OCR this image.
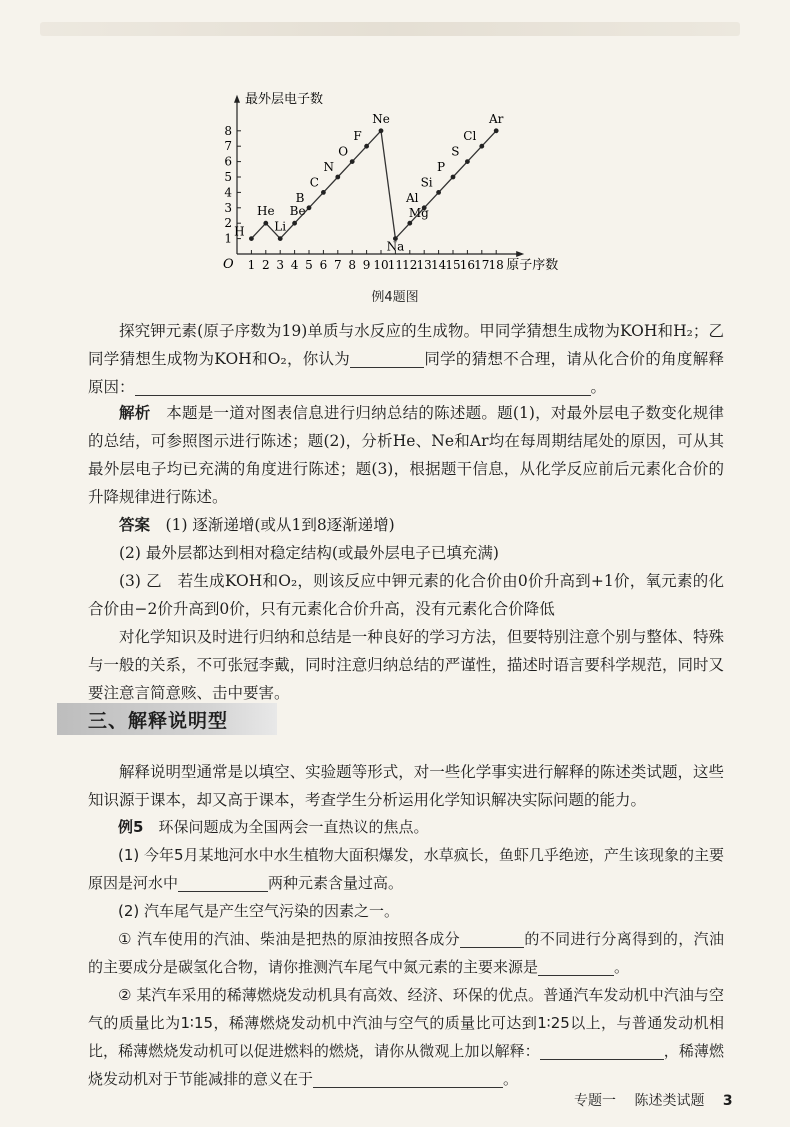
最外层电子数
原子序数
O
1
2
3
4
5
6
7
8
1 2 3 4 5 6 7 8 9 10 11 12 13 14 15 16 17 18
H
He
Li
Be
B
C
N
O
F
Ne
Na
Mg
Al
Si
P
S
Cl
Ar
例4题图

探究钾元素(原子序数为19)单质与水反应的生成物。甲同学猜想生成物为KOH和H₂；乙同学猜想生成物为KOH和O₂，你认为	同学的猜想不合理，请从化合价的角度解释原因：	。

解析　 本题是一道对图表信息进行归纳总结的陈述题。题(1)，对最外层电子数变化规律的总结，可参照图示进行陈述；题(2)，分析He、Ne和Ar均在每周期结尾处的原因，可从其最外层电子均已充满的角度进行陈述；题(3)，根据题干信息，从化学反应前后元素化合价的升降规律进行陈述。

答案　 (1) 逐渐递增(或从1到8逐渐递增)

(2) 最外层都达到相对稳定结构(或最外层电子已填充满)

(3) 乙　若生成KOH和O₂，则该反应中钾元素的化合价由0价升高到+1价，氧元素的化合价由−2价升高到0价，只有元素化合价升高，没有元素化合价降低

对化学知识及时进行归纳和总结是一种良好的学习方法，但要特别注意个别与整体、特殊与一般的关系，不可张冠李戴，同时注意归纳总结的严谨性，描述时语言要科学规范，同时又要注意言简意赅、击中要害。

三、解释说明型

解释说明型通常是以填空、实验题等形式，对一些化学事实进行解释的陈述类试题，这些知识源于课本，却又高于课本，考查学生分析运用化学知识解决实际问题的能力。

例5　 环保问题成为全国两会一直热议的焦点。

(1) 今年5月某地河水中水生植物大面积爆发，水草疯长，鱼虾几乎绝迹，产生该现象的主要原因是河水中	两种元素含量过高。

(2) 汽车尾气是产生空气污染的因素之一。

① 汽车使用的汽油、柴油是把热的原油按照各成分	的不同进行分离得到的，汽油的主要成分是碳氢化合物，请你推测汽车尾气中氮元素的主要来源是	。

② 某汽车采用的稀薄燃烧发动机具有高效、经济、环保的优点。普通汽车发动机中汽油与空气的质量比为1∶15，稀薄燃烧发动机中汽油与空气的质量比可达到1∶25以上，与普通发动机相比，稀薄燃烧发动机可以促进燃料的燃烧，请你从微观上加以解释：	，稀薄燃烧发动机对于节能减排的意义在于	。

专题一 陈述类试题 3
